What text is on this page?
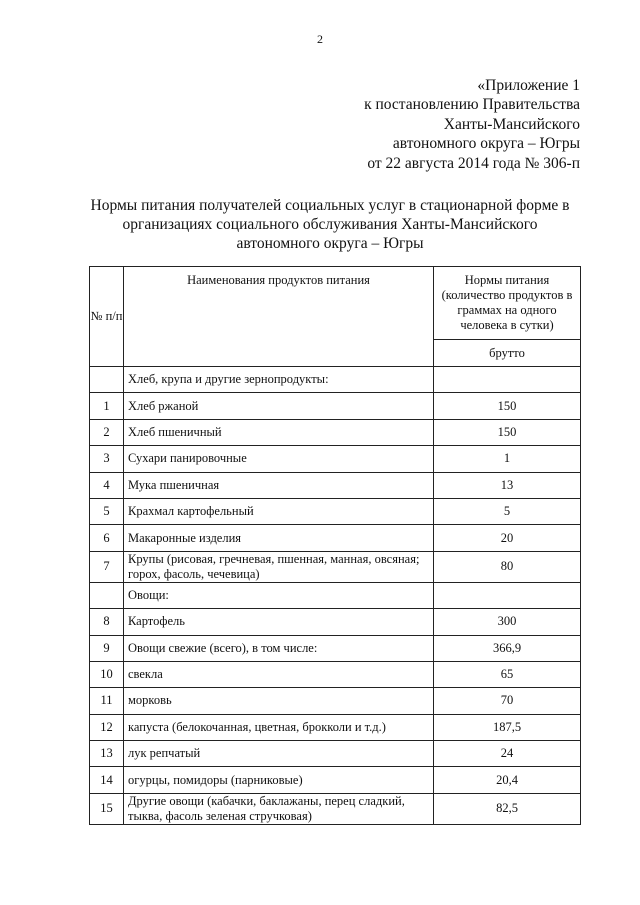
2
«Приложение 1
к постановлению Правительства
Ханты-Мансийского
автономного округа – Югры
от 22 августа 2014 года № 306-п
Нормы питания получателей социальных услуг в стационарной форме в
организациях социального обслуживания Ханты-Мансийского
автономного округа – Югры
№ п/п	Наименования продуктов питания	Нормы питания (количество продуктов в граммах на одного человека в сутки)
		брутто
	Хлеб, крупа и другие зернопродукты:	
1	Хлеб ржаной	150
2	Хлеб пшеничный	150
3	Сухари панировочные	1
4	Мука пшеничная	13
5	Крахмал картофельный	5
6	Макаронные изделия	20
7	Крупы (рисовая, гречневая, пшенная, манная, овсяная; горох, фасоль, чечевица)	80
	Овощи:	
8	Картофель	300
9	Овощи свежие (всего), в том числе:	366,9
10	свекла	65
11	морковь	70
12	капуста (белокочанная, цветная, брокколи и т.д.)	187,5
13	лук репчатый	24
14	огурцы, помидоры (парниковые)	20,4
15	Другие овощи (кабачки, баклажаны, перец сладкий, тыква, фасоль зеленая стручковая)	82,5
